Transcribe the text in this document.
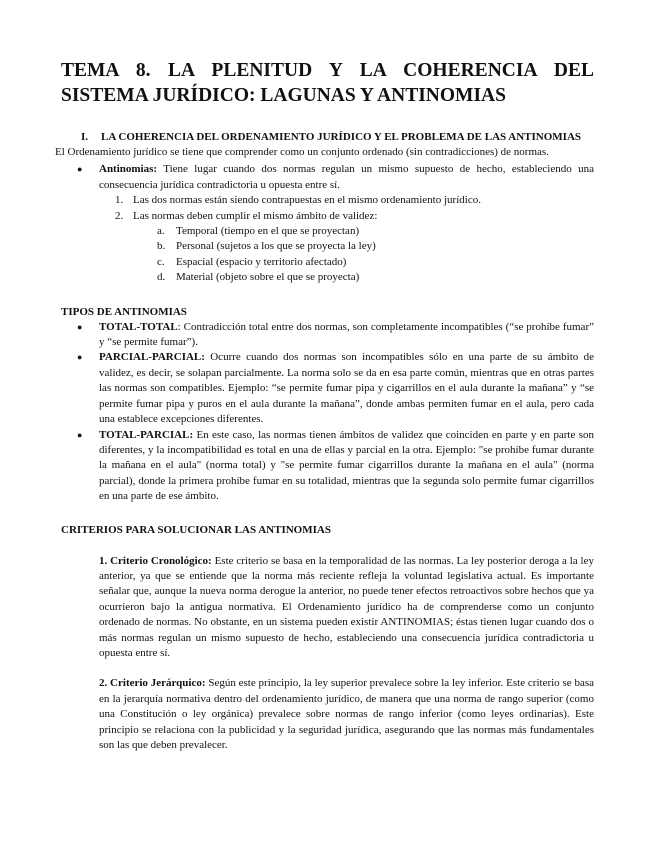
TEMA 8. LA PLENITUD Y LA COHERENCIA DEL SISTEMA JURÍDICO: LAGUNAS Y ANTINOMIAS
I. LA COHERENCIA DEL ORDENAMIENTO JURÍDICO Y EL PROBLEMA DE LAS ANTINOMIAS

El Ordenamiento jurídico se tiene que comprender como un conjunto ordenado (sin contradicciones) de normas.

● Antinomias: Tiene lugar cuando dos normas regulan un mismo supuesto de hecho, estableciendo una consecuencia jurídica contradictoria u opuesta entre sí.
1. Las dos normas están siendo contrapuestas en el mismo ordenamiento jurídico.
2. Las normas deben cumplir el mismo ámbito de validez:
a. Temporal (tiempo en el que se proyectan)
b. Personal (sujetos a los que se proyecta la ley)
c. Espacial (espacio y territorio afectado)
d. Material (objeto sobre el que se proyecta)

TIPOS DE ANTINOMIAS

● TOTAL-TOTAL: Contradicción total entre dos normas, son completamente incompatibles (“se prohíbe fumar” y “se permite fumar”).
● PARCIAL-PARCIAL: Ocurre cuando dos normas son incompatibles sólo en una parte de su ámbito de validez, es decir, se solapan parcialmente. La norma solo se da en esa parte común, mientras que en otras partes las normas son compatibles. Ejemplo: “se permite fumar pipa y cigarrillos en el aula durante la mañana” y “se permite fumar pipa y puros en el aula durante la mañana”, donde ambas permiten fumar en el aula, pero cada una establece excepciones diferentes.
● TOTAL-PARCIAL: En este caso, las normas tienen ámbitos de validez que coinciden en parte y en parte son diferentes, y la incompatibilidad es total en una de ellas y parcial en la otra. Ejemplo: "se prohíbe fumar durante la mañana en el aula" (norma total) y "se permite fumar cigarrillos durante la mañana en el aula" (norma parcial), donde la primera prohíbe fumar en su totalidad, mientras que la segunda solo permite fumar cigarrillos en una parte de ese ámbito.

CRITERIOS PARA SOLUCIONAR LAS ANTINOMIAS

1. Criterio Cronológico: Este criterio se basa en la temporalidad de las normas. La ley posterior deroga a la ley anterior, ya que se entiende que la norma más reciente refleja la voluntad legislativa actual. Es importante señalar que, aunque la nueva norma derogue la anterior, no puede tener efectos retroactivos sobre hechos que ya ocurrieron bajo la antigua normativa. El Ordenamiento jurídico ha de comprenderse como un conjunto ordenado de normas. No obstante, en un sistema pueden existir ANTINOMIAS; éstas tienen lugar cuando dos o más normas regulan un mismo supuesto de hecho, estableciendo una consecuencia jurídica contradictoria u opuesta entre sí.

2. Criterio Jerárquico: Según este principio, la ley superior prevalece sobre la ley inferior. Este criterio se basa en la jerarquía normativa dentro del ordenamiento jurídico, de manera que una norma de rango superior (como una Constitución o ley orgánica) prevalece sobre normas de rango inferior (como leyes ordinarias). Este principio se relaciona con la publicidad y la seguridad jurídica, asegurando que las normas más fundamentales son las que deben prevalecer.
